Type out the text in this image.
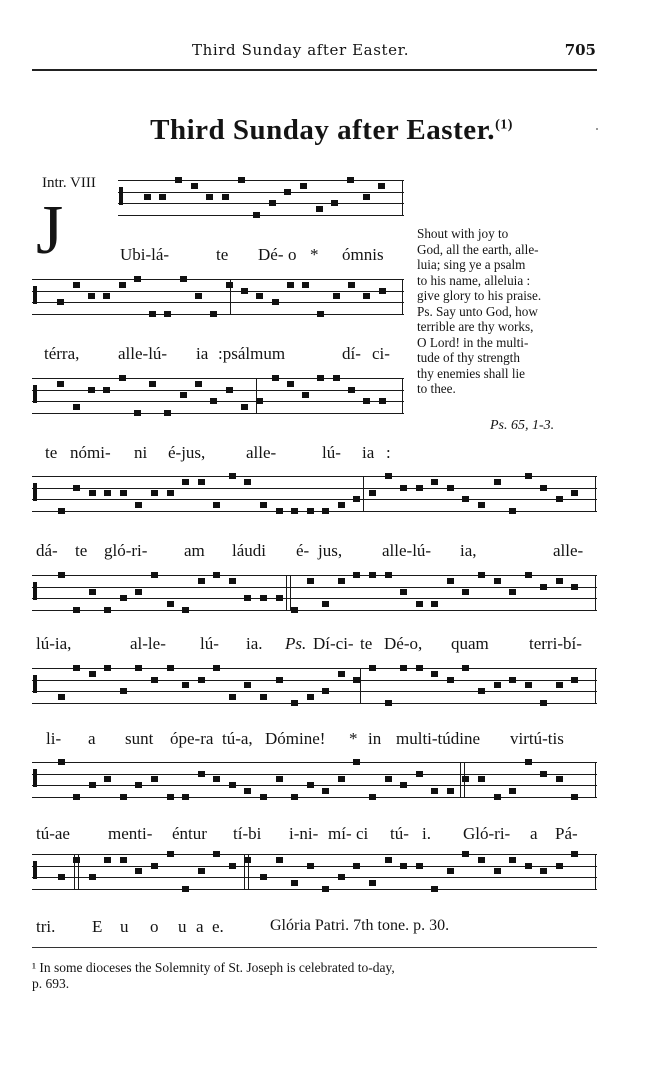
Third Sunday after Easter.	705
Third Sunday after Easter.$^{(1)}$
Intr. VIII
J	Ubi-lá-	te Dé- o * ómnis
térra, alle-lú- ia :psálmum	dí- ci-
te nómi- ni é-jus, alle-	lú- ia :
dá- te gló-ri- am láudi é- jus, alle-lú- ia,	alle-
lú-ia,	al-le- lú- ia. Ps. Dí-ci- te Dé-o, quam terri-bí-
li- a sunt ópe-ra tú-a, Dómine! * in multi-túdine virtú-tis
tú-ae menti- éntur tí-bi i-ni- mí- ci tú- i. Gló-ri- a Pá-
tri. E u o u a e.
Shout with joy to
God, all the earth, alle-
luia; sing ye a psalm
to his name, alleluia :
give glory to his praise.
Ps. Say unto God, how
terrible are thy works,
O Lord! in the multi-
tude of thy strength
thy enemies shall lie
to thee.
Ps. 65, 1-3.
Glória Patri. 7th tone. p. 30.
¹ In some dioceses the Solemnity of St. Joseph is celebrated to-day,
p. 693.
